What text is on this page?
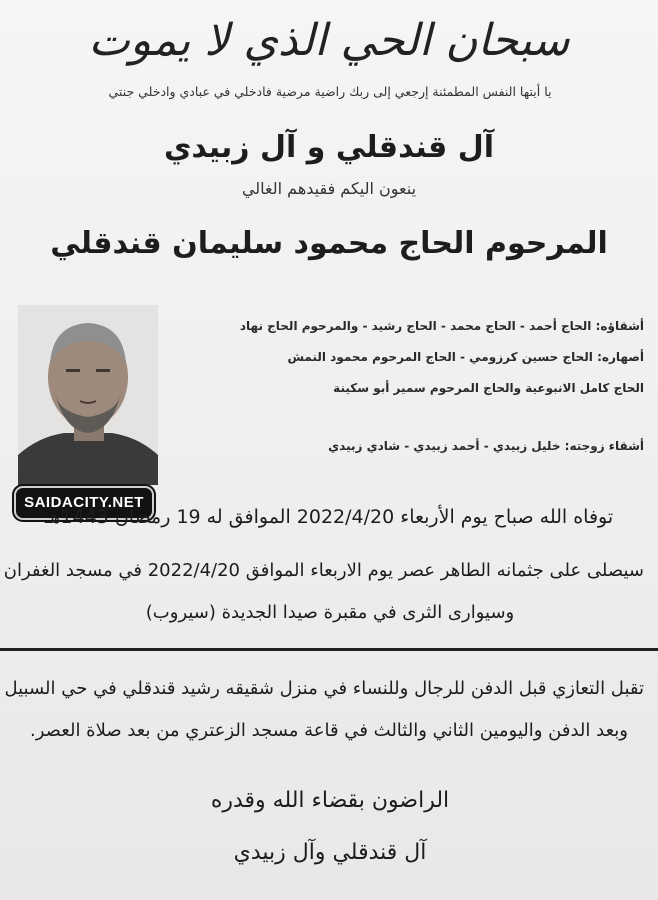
سبحان الحي الذي لا يموت
يا أيتها النفس المطمئنة إرجعي إلى ربك راضية مرضية فادخلي في عبادي وادخلي جنتي
آل قندقلي و آل زبيدي
ينعون اليكم فقيدهم الغالي
المرحوم الحاج محمود سليمان قندقلي
SAIDACITY.NET
أشقاؤه: الحاج أحمد - الحاج محمد - الحاج رشيد - والمرحوم الحاج نهاد
أصهاره: الحاج حسين كرزومي - الحاج المرحوم محمود النمش
الحاج كامل الانبوعية والحاج المرحوم سمير أبو سكينة
أشقاء زوجته: خليل زبيدي - أحمد زبيدي - شادي زبيدي
توفاه الله صباح يوم الأربعاء 2022/4/20 الموافق له 19 رمضان 1443هـ
سيصلى على جثمانه الطاهر عصر يوم الاربعاء الموافق 2022/4/20 في مسجد الغفران
وسيوارى الثرى في مقبرة صيدا الجديدة (سيروب)
تقبل التعازي قبل الدفن للرجال وللنساء في منزل شقيقه رشيد قندقلي في حي السبيل
وبعد الدفن واليومين الثاني والثالث في قاعة مسجد الزعتري من بعد صلاة العصر.
الراضون بقضاء الله وقدره
آل قندقلي وآل زبيدي
